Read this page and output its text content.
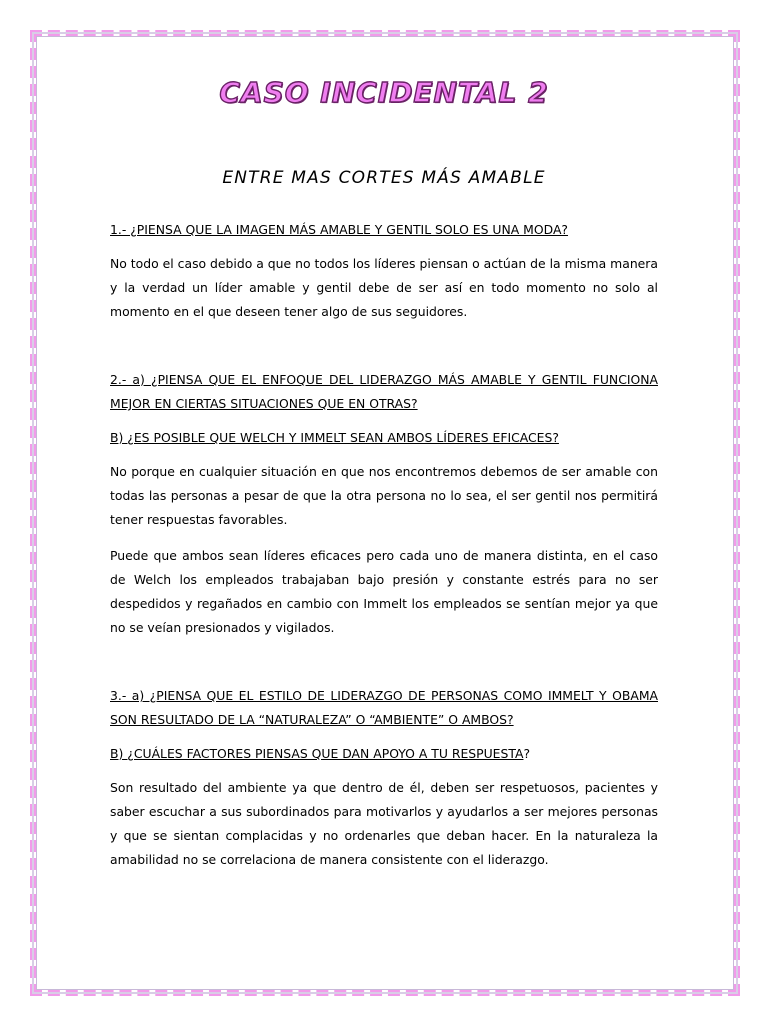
CASO INCIDENTAL 2
ENTRE MAS CORTES MÁS AMABLE

1.- ¿PIENSA QUE LA IMAGEN MÁS AMABLE Y GENTIL SOLO ES UNA MODA?

No todo el caso debido a que no todos los líderes piensan o actúan de la misma manera y la verdad un líder amable y gentil debe de ser así en todo momento no solo al momento en el que deseen tener algo de sus seguidores.

2.- a) ¿PIENSA QUE EL ENFOQUE DEL LIDERAZGO MÁS AMABLE Y GENTIL FUNCIONA MEJOR EN CIERTAS SITUACIONES QUE EN OTRAS?

B) ¿ES POSIBLE QUE WELCH Y IMMELT SEAN AMBOS LÍDERES EFICACES?

No porque en cualquier situación en que nos encontremos debemos de ser amable con todas las personas a pesar de que la otra persona no lo sea, el ser gentil nos permitirá tener respuestas favorables.

Puede que ambos sean líderes eficaces pero cada uno de manera distinta, en el caso de Welch los empleados trabajaban bajo presión y constante estrés para no ser despedidos y regañados en cambio con Immelt los empleados se sentían mejor ya que no se veían presionados y vigilados.

3.- a) ¿PIENSA QUE EL ESTILO DE LIDERAZGO DE PERSONAS COMO IMMELT Y OBAMA SON RESULTADO DE LA “NATURALEZA” O “AMBIENTE” O AMBOS?

B) ¿CUÁLES FACTORES PIENSAS QUE DAN APOYO A TU RESPUESTA?

Son resultado del ambiente ya que dentro de él, deben ser respetuosos, pacientes y saber escuchar a sus subordinados para motivarlos y ayudarlos a ser mejores personas y que se sientan complacidas y no ordenarles que deban hacer. En la naturaleza la amabilidad no se correlaciona de manera consistente con el liderazgo.
